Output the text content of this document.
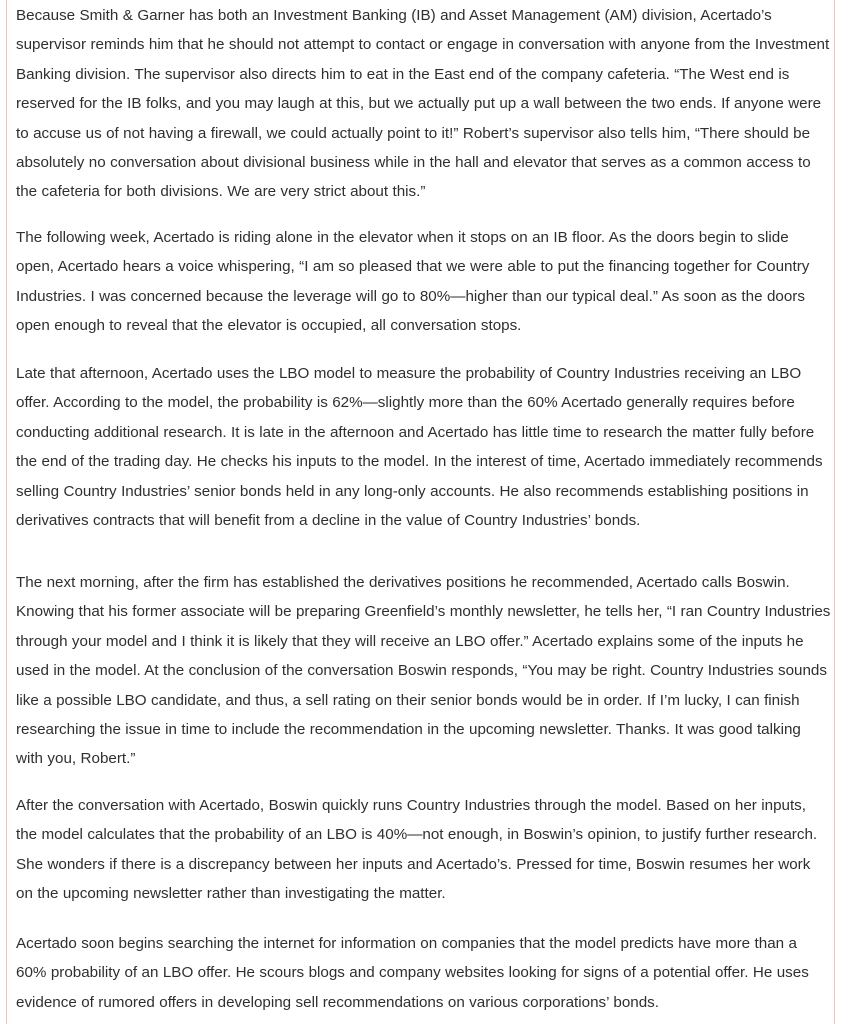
Because Smith & Garner has both an Investment Banking (IB) and Asset Management (AM) division, Acertado’s supervisor reminds him that he should not attempt to contact or engage in conversation with anyone from the Investment Banking division. The supervisor also directs him to eat in the East end of the company cafeteria. “The West end is reserved for the IB folks, and you may laugh at this, but we actually put up a wall between the two ends. If anyone were to accuse us of not having a firewall, we could actually point to it!” Robert’s supervisor also tells him, “There should be absolutely no conversation about divisional business while in the hall and elevator that serves as a common access to the cafeteria for both divisions. We are very strict about this.”

The following week, Acertado is riding alone in the elevator when it stops on an IB floor. As the doors begin to slide open, Acertado hears a voice whispering, “I am so pleased that we were able to put the financing together for Country Industries. I was concerned because the leverage will go to 80%—higher than our typical deal.” As soon as the doors open enough to reveal that the elevator is occupied, all conversation stops.

Late that afternoon, Acertado uses the LBO model to measure the probability of Country Industries receiving an LBO offer. According to the model, the probability is 62%—slightly more than the 60% Acertado generally requires before conducting additional research. It is late in the afternoon and Acertado has little time to research the matter fully before the end of the trading day. He checks his inputs to the model. In the interest of time, Acertado immediately recommends selling Country Industries’ senior bonds held in any long-only accounts. He also recommends establishing positions in derivatives contracts that will benefit from a decline in the value of Country Industries’ bonds.

The next morning, after the firm has established the derivatives positions he recommended, Acertado calls Boswin. Knowing that his former associate will be preparing Greenfield’s monthly newsletter, he tells her, “I ran Country Industries through your model and I think it is likely that they will receive an LBO offer.” Acertado explains some of the inputs he used in the model. At the conclusion of the conversation Boswin responds, “You may be right. Country Industries sounds like a possible LBO candidate, and thus, a sell rating on their senior bonds would be in order. If I’m lucky, I can finish researching the issue in time to include the recommendation in the upcoming newsletter. Thanks. It was good talking with you, Robert.”

After the conversation with Acertado, Boswin quickly runs Country Industries through the model. Based on her inputs, the model calculates that the probability of an LBO is 40%—not enough, in Boswin’s opinion, to justify further research. She wonders if there is a discrepancy between her inputs and Acertado’s. Pressed for time, Boswin resumes her work on the upcoming newsletter rather than investigating the matter.

Acertado soon begins searching the internet for information on companies that the model predicts have more than a 60% probability of an LBO offer. He scours blogs and company websites looking for signs of a potential offer. He uses evidence of rumored offers in developing sell recommendations on various corporations’ bonds.
